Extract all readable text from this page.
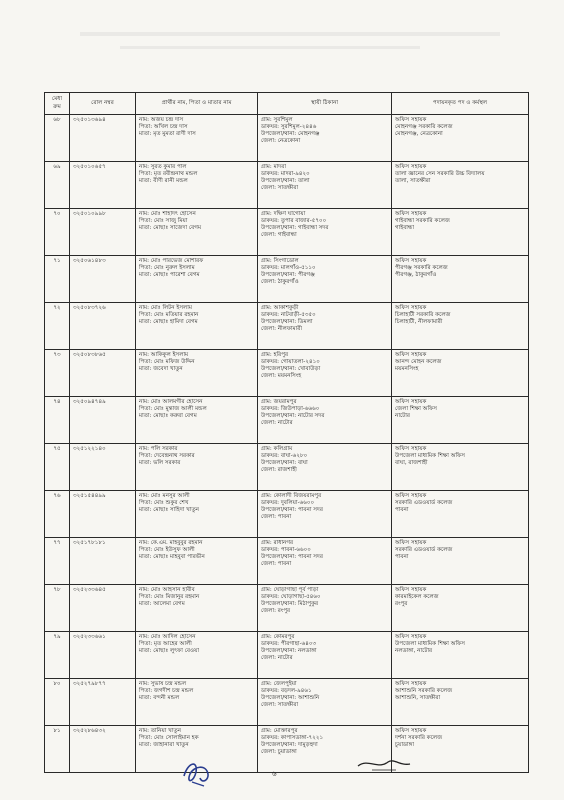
মেধা ক্রম	রোল নম্বর	প্রার্থীর নাম, পিতা ও মাতার নাম	স্থায়ী ঠিকানা	পদায়নকৃত পদ ও কর্মস্থল
৬৮	৩২৫০১৩৬৯৪	নাম: অজয় চন্দ্র দাস
পিতা: অখিল চন্দ্র দাস
মাতা: মৃত মুমতা রাণী দাস	গ্রাম: সুরশিমুল
ডাকঘর: সুরশিমুল-২৪৪৬
উপজেলা/থানা: মোহনগঞ্জ
জেলা: নেত্রকোনা	অফিস সহায়ক
মোহনগঞ্জ সরকারি কলেজ
মোহনগঞ্জ, নেত্রকোনা

৬৯	৩২৫০১০৬৫৭	নাম: সুরত কুমার পাল
পিতা: মৃত রবীন্দ্রনাথ মন্ডল
মাতা: বীণী রানী মন্ডল	গ্রাম: মাদরা
ডাকঘর: মাদরা-৯৪২০
উপজেলা/থানা: তালা
জেলা: সাতক্ষীরা	অফিস সহায়ক
তালা জ্ঞানের সেন সরকারি উচ্চ বিদ্যালয়
তালা, সাতক্ষীরা

৭০	৩২৫০১০৯৯৮	নাম: মোঃ শাহাদৎ হোসেন
পিতা: মোঃ সাজু মিয়া
মাতা: মোছাঃ সাজেদা বেগম	গ্রাম: দক্ষিণ ঘাগোয়া
ডাকঘর: তুপার বাজার-৫৭০০
উপজেলা/থানা: গাইবান্ধা সদর
জেলা: গাইবান্ধা	অফিস সহায়ক
গাইবান্ধা সরকারি কলেজ
গাইবান্ধা

৭১	৩২৫০৬১৪৮৩	নাম: মোঃ পারভেজ মোশারফ
পিতা: মোঃ নুরুল ইসলাম
মাতা: মোছাঃ পারেশা বেগম	গ্রাম: সিংগাডোল
ডাকঘর: মালগাঁও-৫১১০
উপজেলা/থানা: পীরগঞ্জ
জেলা: ঠাকুরগাঁও	অফিস সহায়ক
পীরগঞ্জ সরকারি কলেজ
পীরগঞ্জ, ঠাকুরগাঁও

৭২	৩২৫০৮৩৭২৬	নাম: মোঃ লিটন ইসলাম
পিতা: মোঃ মতিয়ার রহমান
মাতা: মোছাঃ হামিদা বেগম	গ্রাম: আকাশকুড়ী
ডাকঘর: নাটবাড়ী-৫৩৫০
উপজেলা/থানা: ডিমলা
জেলা: নীলফামারী	অফিস সহায়ক
চিলাহাটী সরকারি কলেজ
চিলাহাটী, নীলফামারী

৭৩	৩২৫০৮৩৮৬৫	নাম: আকিকুল ইসলাম
পিতা: মোঃ মফিজ উদ্দিন
মাতা: জবেদা খাতুন	গ্রাম: হরিপুর
ডাকঘর: গোয়াতলা-২৪১০
উপজেলা/থানা: খোবাউড়া
জেলা: ময়মনসিংহ	অফিস সহায়ক
আনন্দ মোহন কলেজ
ময়মনসিংহ

৭৪	৩২৫০৯৪৭৪৯	নাম: মোঃ আলমগীর হোসেন
পিতা: মোঃ মুন্তাজ আলী মন্ডল
মাতা: মোছাঃ করুরা বেগম	গ্রাম: জয়রামপুর
ডাকঘর: জিউপাড়া-৬৬৬০
উপজেলা/থানা: নাটোর সদর
জেলা: নাটোর	অফিস সহায়ক
জেলা শিক্ষা অফিস
নাটোর

৭৫	৩২৫১২২১৪০	নাম: পলি সরকার
পিতা: দেবেন্দ্রনাথ সরকার
মাতা: ভলি সরকার	গ্রাম: কলিগ্রাম
ডাকঘর: বাঘা-৬২৮০
উপজেলা/থানা: বাঘা
জেলা: রাজশাহী	অফিস সহায়ক
উপজেলা মাধ্যমিক শিক্ষা অফিস
বাঘা, রাজশাহী

৭৬	৩২৫১৫৪৪৯৯	নাম: মোঃ মনসুর আলী
পিতা: মোঃ শুকুর শেখ
মাতা: মোছাঃ সাহিদা খাতুন	গ্রাম: কোলাদী বিজয়রামপুর
ডাকঘর: দুবলিয়া-৬৬০০
উপজেলা/থানা: পাবনা সদর
জেলা: পাবনা	অফিস সহায়ক
সরকারি এডওয়ার্ড কলেজ
পাবনা

৭৭	৩২৫১৭৮১৮১	নাম: কে.এম. মাহবুবুর রহমান
পিতা: মোঃ ইউসুফ আলী
মাতা: মোছাঃ মাহবুবা পারভীন	গ্রাম: রাধানগর
ডাকঘর: পাবনা-৬৬০০
উপজেলা/থানা: পাবনা সদর
জেলা: পাবনা	অফিস সহায়ক
সরকারি এডওয়ার্ড কলেজ
পাবনা

৭৮	৩২৫২৩৩৬৪৫	নাম: মোঃ আহসান হাবীব
পিতা: মোঃ মিজানুর রহমান
মাতা: আলেমা বেগম	গ্রাম: ঘোড়াগাছা পূর্ব পাড়া
ডাকঘর: ঘোড়াগাছা-৫৪৬০
উপজেলা/থানা: মিঠাপুকুর
জেলা: রংপুর	অফিস সহায়ক
কারমাইকেল কলেজ
রংপুর

৭৯	৩২৫২৩৩৬৬১	নাম: মোঃ আদিল হোসেন
পিতা: মৃত আহের আলী
মাতা: মোছাঃ লুৎফা বেওয়া	গ্রাম: কোমরপুর
ডাকঘর: পীরগাছা-৬৪০৩
উপজেলা/থানা: নলডাঙ্গা
জেলা: নাটোর	অফিস সহায়ক
উপজেলা মাধ্যমিক শিক্ষা অফিস
নলডাঙ্গা, নাটোর

৮০	৩২৫২৭৯৮৭৭	নাম: সুভাষ চন্দ্র মন্ডল
পিতা: জগদীশ চন্দ্র মন্ডল
মাতা: বন্দনী মন্ডল	গ্রাম: জেলপুইয়া
ডাকঘর: বড়দল-৯৪৬১
উপজেলা/থানা: আশাশুনি
জেলা: সাতক্ষীরা	অফিস সহায়ক
আশাশুনি সরকারি কলেজ
আশাশুনি, সাতক্ষীরা

৮১	৩২৫২৮৬৪৩২	নাম: তানিয়া খাতুন
পিতা: মোঃ সোলাইমান হক
মাতা: জাহানারা খাতুন	গ্রাম: মোক্তারপুর
ডাকঘর: কাপাসডাঙ্গা-৭২২১
উপজেলা/থানা: দামুড়হুদা
জেলা: চুয়াডাঙ্গা	অফিস সহায়ক
দর্শনা সরকারি কলেজ
চুয়াডাঙ্গা
৬
